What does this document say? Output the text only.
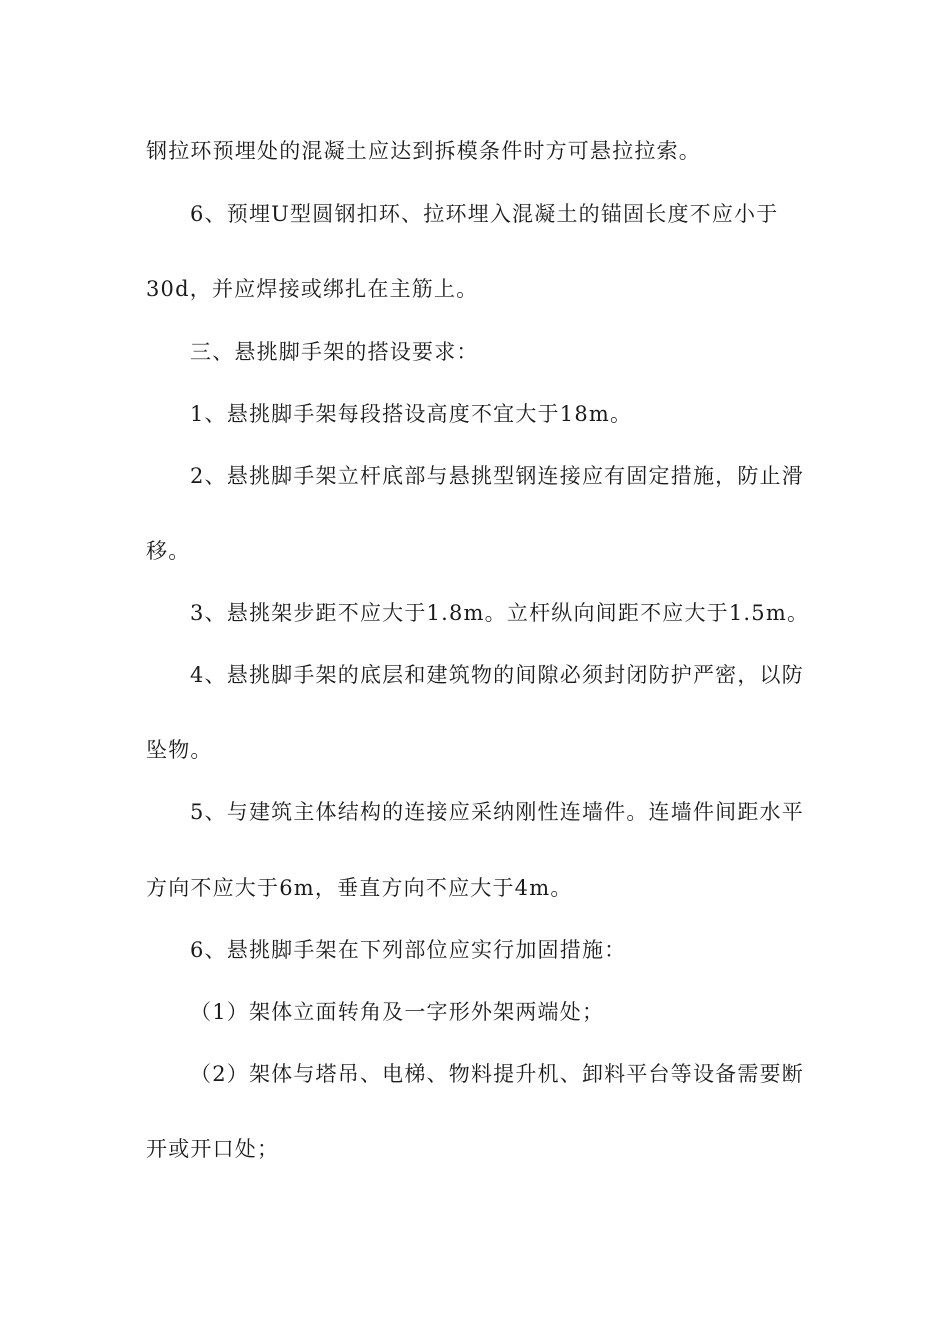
钢拉环预埋处的混凝土应达到拆模条件时方可悬拉拉索。
6、预埋U型圆钢扣环、拉环埋入混凝土的锚固长度不应小于
30d，并应焊接或绑扎在主筋上。
三、悬挑脚手架的搭设要求：
1、悬挑脚手架每段搭设高度不宜大于18m。
2、悬挑脚手架立杆底部与悬挑型钢连接应有固定措施，防止滑
移。
3、悬挑架步距不应大于1.8m。立杆纵向间距不应大于1.5m。
4、悬挑脚手架的底层和建筑物的间隙必须封闭防护严密，以防
坠物。
5、与建筑主体结构的连接应采纳刚性连墙件。连墙件间距水平
方向不应大于6m，垂直方向不应大于4m。
6、悬挑脚手架在下列部位应实行加固措施：
（1）架体立面转角及一字形外架两端处；
（2）架体与塔吊、电梯、物料提升机、卸料平台等设备需要断
开或开口处；
